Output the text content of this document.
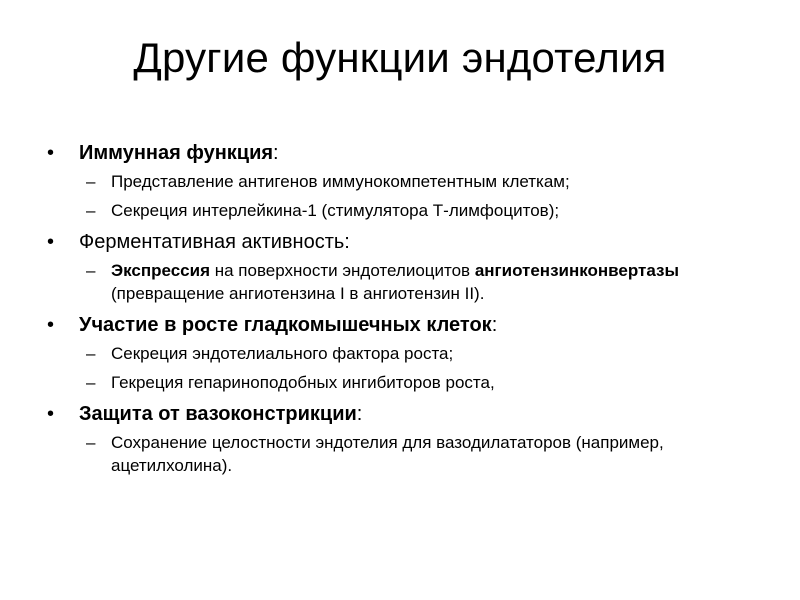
Другие функции эндотелия
• Иммунная функция:
– Представление антигенов иммунокомпетентным клеткам;
– Секреция интерлейкина-1 (стимулятора Т-лимфоцитов);
• Ферментативная активность:
– Экспрессия на поверхности эндотелиоцитов ангиотензинконвертазы (превращение ангиотензина I в ангиотензин II).
• Участие в росте гладкомышечных клеток:
– Секреция эндотелиального фактора роста;
– Гекреция гепариноподобных ингибиторов роста,
• Защита от вазоконстрикции:
– Сохранение целостности эндотелия для вазодилататоров (например, ацетилхолина).
